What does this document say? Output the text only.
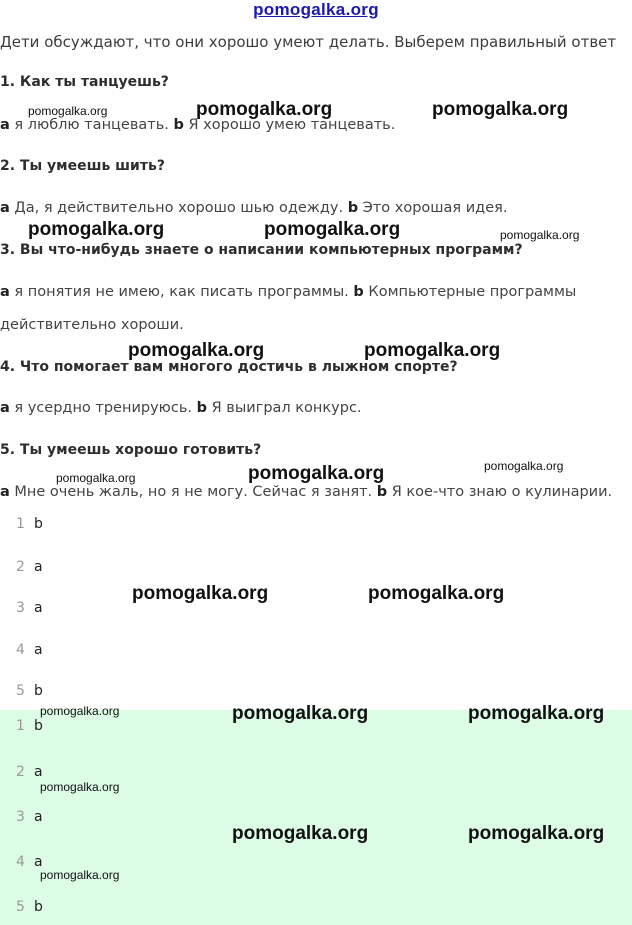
pomogalka.org
Дети обсуждают, что они хорошо умеют делать. Выберем правильный ответ
1. Как ты танцуешь?
a я люблю танцевать. b Я хорошо умею танцевать.
2. Ты умеешь шить?
a Да, я действительно хорошо шью одежду. b Это хорошая идея.
3. Вы что-нибудь знаете о написании компьютерных программ?
a я понятия не имею, как писать программы. b Компьютерные программы
действительно хороши.
4. Что помогает вам многого достичь в лыжном спорте?
a я усердно тренируюсь. b Я выиграл конкурс.
5. Ты умеешь хорошо готовить?
a Мне очень жаль, но я не могу. Сейчас я занят. b Я кое-что знаю о кулинарии.
1 b
2 a
3 a
4 a
5 b
1 b
2 a
3 a
4 a
5 b
pomogalka.org	pomogalka.org	pomogalka.org
pomogalka.org	pomogalka.org	pomogalka.org
pomogalka.org	pomogalka.org
pomogalka.org	pomogalka.org	pomogalka.org
pomogalka.org	pomogalka.org
pomogalka.org	pomogalka.org	pomogalka.org
pomogalka.org
pomogalka.org	pomogalka.org
pomogalka.org
